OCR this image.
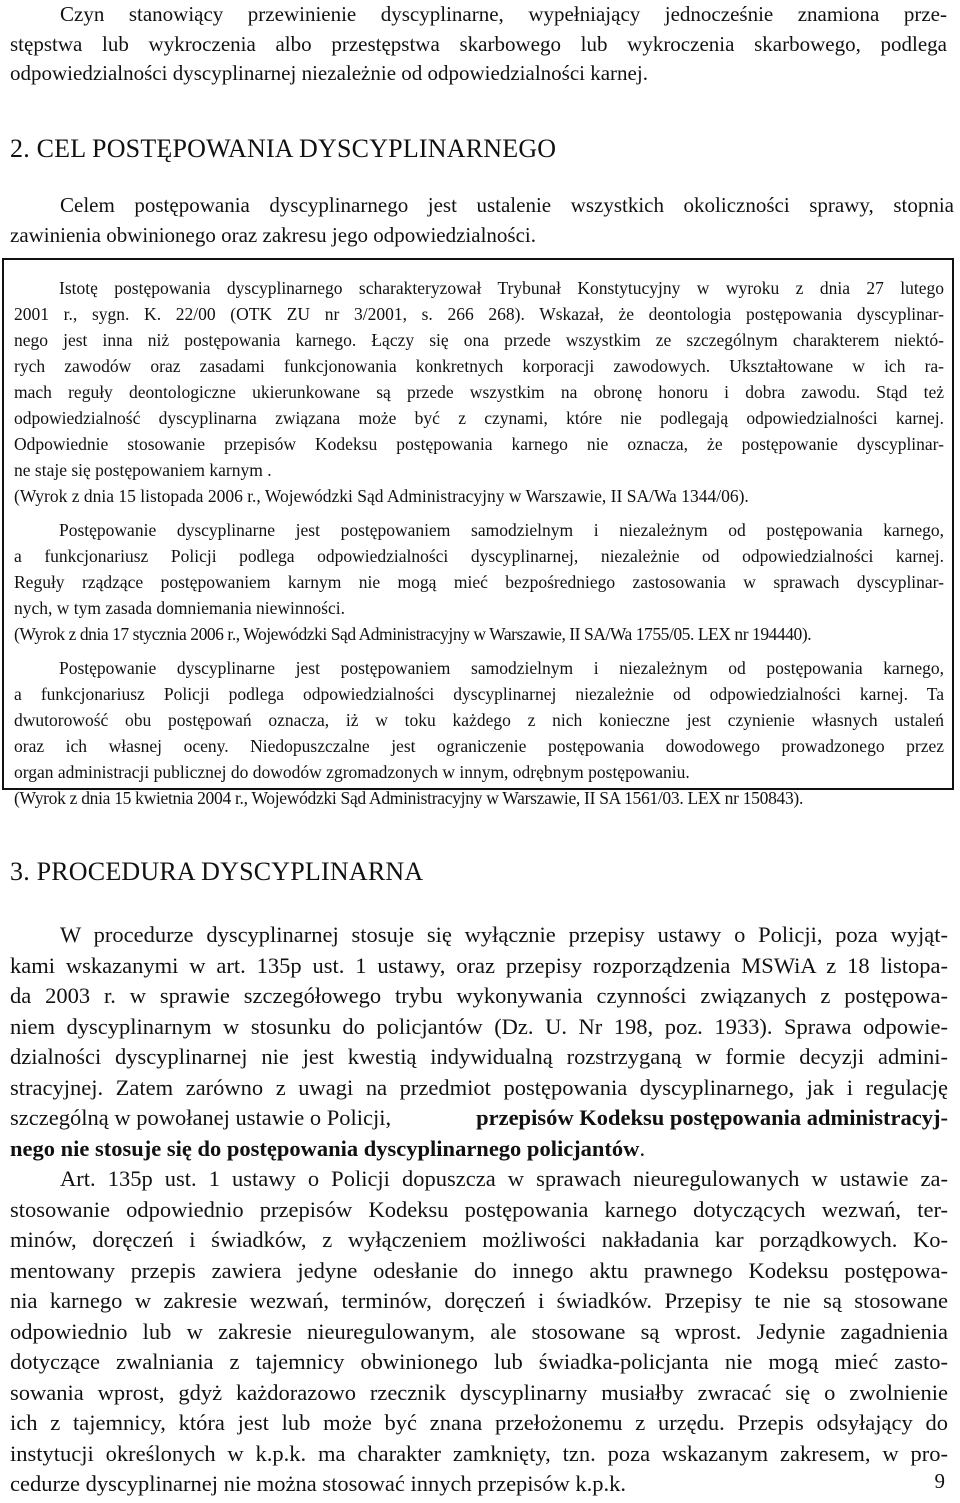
Czyn stanowiący przewinienie dyscyplinarne, wypełniający jednocześnie znamiona prze-
stępstwa lub wykroczenia albo przestępstwa skarbowego lub wykroczenia skarbowego, podlega
odpowiedzialności dyscyplinarnej niezależnie od odpowiedzialności karnej.
2. CEL POSTĘPOWANIA DYSCYPLINARNEGO
Celem postępowania dyscyplinarnego jest ustalenie wszystkich okoliczności sprawy, stopnia
zawinienia obwinionego oraz zakresu jego odpowiedzialności.
Istotę postępowania dyscyplinarnego scharakteryzował Trybunał Konstytucyjny w wyroku z dnia 27 lutego
2001 r., sygn. K. 22/00 (OTK ZU nr 3/2001, s. 266 268). Wskazał, że deontologia postępowania dyscyplinar-
nego jest inna niż postępowania karnego. Łączy się ona przede wszystkim ze szczególnym charakterem niektó-
rych zawodów oraz zasadami funkcjonowania konkretnych korporacji zawodowych. Ukształtowane w ich ra-
mach reguły deontologiczne ukierunkowane są przede wszystkim na obronę honoru i dobra zawodu. Stąd też
odpowiedzialność dyscyplinarna związana może być z czynami, które nie podlegają odpowiedzialności karnej.
Odpowiednie stosowanie przepisów Kodeksu postępowania karnego nie oznacza, że postępowanie dyscyplinar-
ne staje się postępowaniem karnym .
(Wyrok z dnia 15 listopada 2006 r., Wojewódzki Sąd Administracyjny w Warszawie, II SA/Wa 1344/06).
Postępowanie dyscyplinarne jest postępowaniem samodzielnym i niezależnym od postępowania karnego,
a funkcjonariusz Policji podlega odpowiedzialności dyscyplinarnej, niezależnie od odpowiedzialności karnej.
Reguły rządzące postępowaniem karnym nie mogą mieć bezpośredniego zastosowania w sprawach dyscyplinar-
nych, w tym zasada domniemania niewinności.
(Wyrok z dnia 17 stycznia 2006 r., Wojewódzki Sąd Administracyjny w Warszawie, II SA/Wa 1755/05. LEX nr 194440).
Postępowanie dyscyplinarne jest postępowaniem samodzielnym i niezależnym od postępowania karnego,
a funkcjonariusz Policji podlega odpowiedzialności dyscyplinarnej niezależnie od odpowiedzialności karnej. Ta
dwutorowość obu postępowań oznacza, iż w toku każdego z nich konieczne jest czynienie własnych ustaleń
oraz ich własnej oceny. Niedopuszczalne jest ograniczenie postępowania dowodowego prowadzonego przez
organ administracji publicznej do dowodów zgromadzonych w innym, odrębnym postępowaniu.
(Wyrok z dnia 15 kwietnia 2004 r., Wojewódzki Sąd Administracyjny w Warszawie, II SA 1561/03. LEX nr 150843).
3. PROCEDURA DYSCYPLINARNA
W procedurze dyscyplinarnej stosuje się wyłącznie przepisy ustawy o Policji, poza wyjąt-
kami wskazanymi w art. 135p ust. 1 ustawy, oraz przepisy rozporządzenia MSWiA z 18 listopa-
da 2003 r. w sprawie szczegółowego trybu wykonywania czynności związanych z postępowa-
niem dyscyplinarnym w stosunku do policjantów (Dz. U. Nr 198, poz. 1933). Sprawa odpowie-
dzialności dyscyplinarnej nie jest kwestią indywidualną rozstrzyganą w formie decyzji admini-
stracyjnej. Zatem zarówno z uwagi na przedmiot postępowania dyscyplinarnego, jak i regulację
szczególną w powołanej ustawie o Policji,	przepisów Kodeksu postępowania administracyj-
nego nie stosuje się do postępowania dyscyplinarnego policjantów.
Art. 135p ust. 1 ustawy o Policji dopuszcza w sprawach nieuregulowanych w ustawie za-
stosowanie odpowiednio przepisów Kodeksu postępowania karnego dotyczących wezwań, ter-
minów, doręczeń i świadków, z wyłączeniem możliwości nakładania kar porządkowych. Ko-
mentowany przepis zawiera jedyne odesłanie do innego aktu prawnego Kodeksu postępowa-
nia karnego w zakresie wezwań, terminów, doręczeń i świadków. Przepisy te nie są stosowane
odpowiednio lub w zakresie nieuregulowanym, ale stosowane są wprost. Jedynie zagadnienia
dotyczące zwalniania z tajemnicy obwinionego lub świadka-policjanta nie mogą mieć zasto-
sowania wprost, gdyż każdorazowo rzecznik dyscyplinarny musiałby zwracać się o zwolnienie
ich z tajemnicy, która jest lub może być znana przełożonemu z urzędu. Przepis odsyłający do
instytucji określonych w k.p.k. ma charakter zamknięty, tzn. poza wskazanym zakresem, w pro-
cedurze dyscyplinarnej nie można stosować innych przepisów k.p.k.	9
